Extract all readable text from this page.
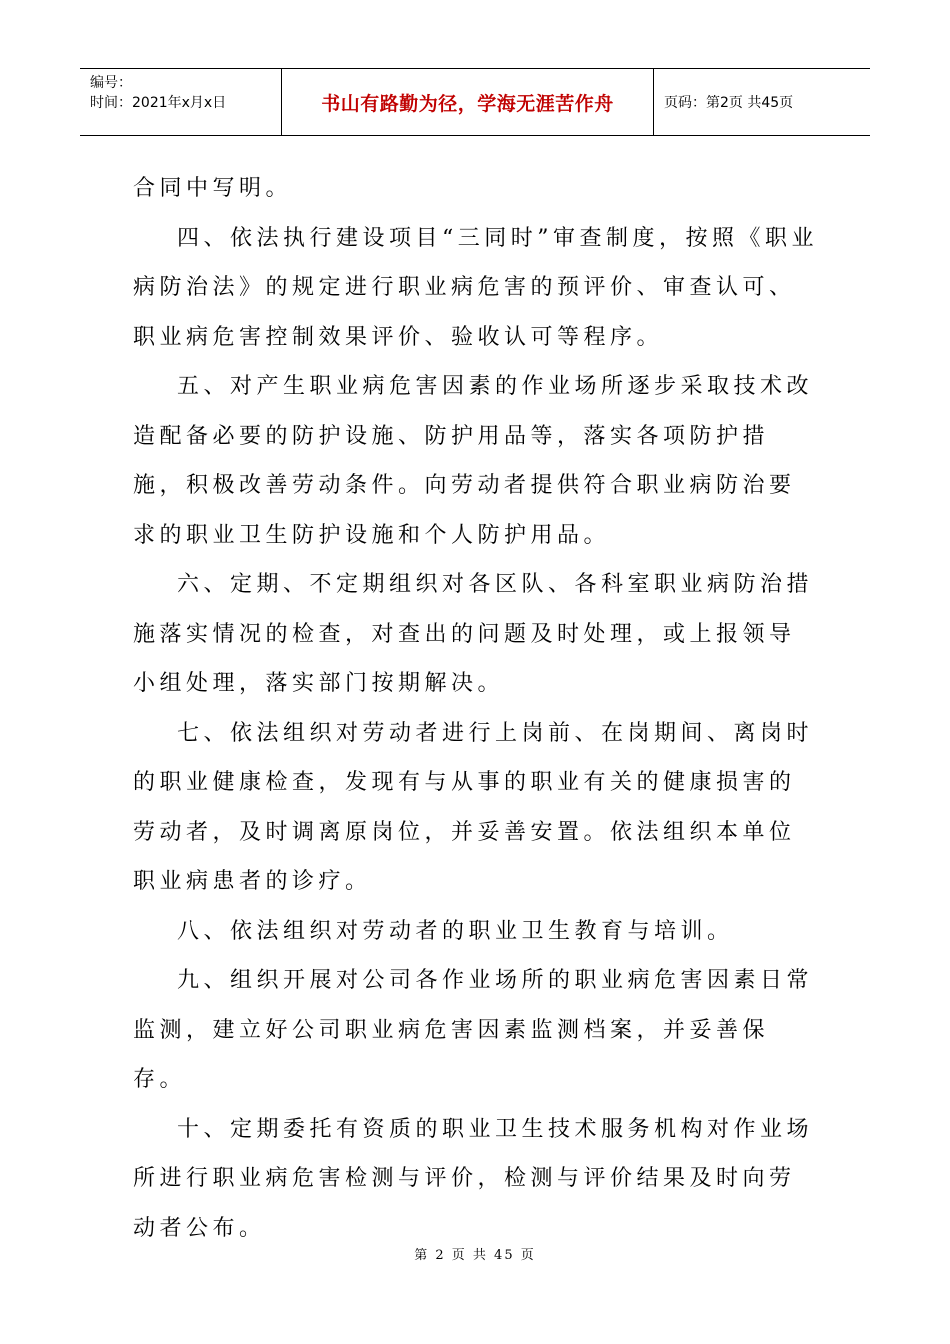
编号：
时间：2021年x月x日	书山有路勤为径，学海无涯苦作舟	页码：第2页 共45页

合同中写明。

四、依法执行建设项目“三同时”审查制度，按照《职业病防治法》的规定进行职业病危害的预评价、审查认可、职业病危害控制效果评价、验收认可等程序。

五、对产生职业病危害因素的作业场所逐步采取技术改造配备必要的防护设施、防护用品等，落实各项防护措施，积极改善劳动条件。向劳动者提供符合职业病防治要求的职业卫生防护设施和个人防护用品。

六、定期、不定期组织对各区队、各科室职业病防治措施落实情况的检查，对查出的问题及时处理，或上报领导小组处理，落实部门按期解决。

七、依法组织对劳动者进行上岗前、在岗期间、离岗时的职业健康检查，发现有与从事的职业有关的健康损害的劳动者，及时调离原岗位，并妥善安置。依法组织本单位职业病患者的诊疗。

八、依法组织对劳动者的职业卫生教育与培训。

九、组织开展对公司各作业场所的职业病危害因素日常监测，建立好公司职业病危害因素监测档案，并妥善保存。

十、定期委托有资质的职业卫生技术服务机构对作业场所进行职业病危害检测与评价，检测与评价结果及时向劳动者公布。

第 2 页 共 45 页
